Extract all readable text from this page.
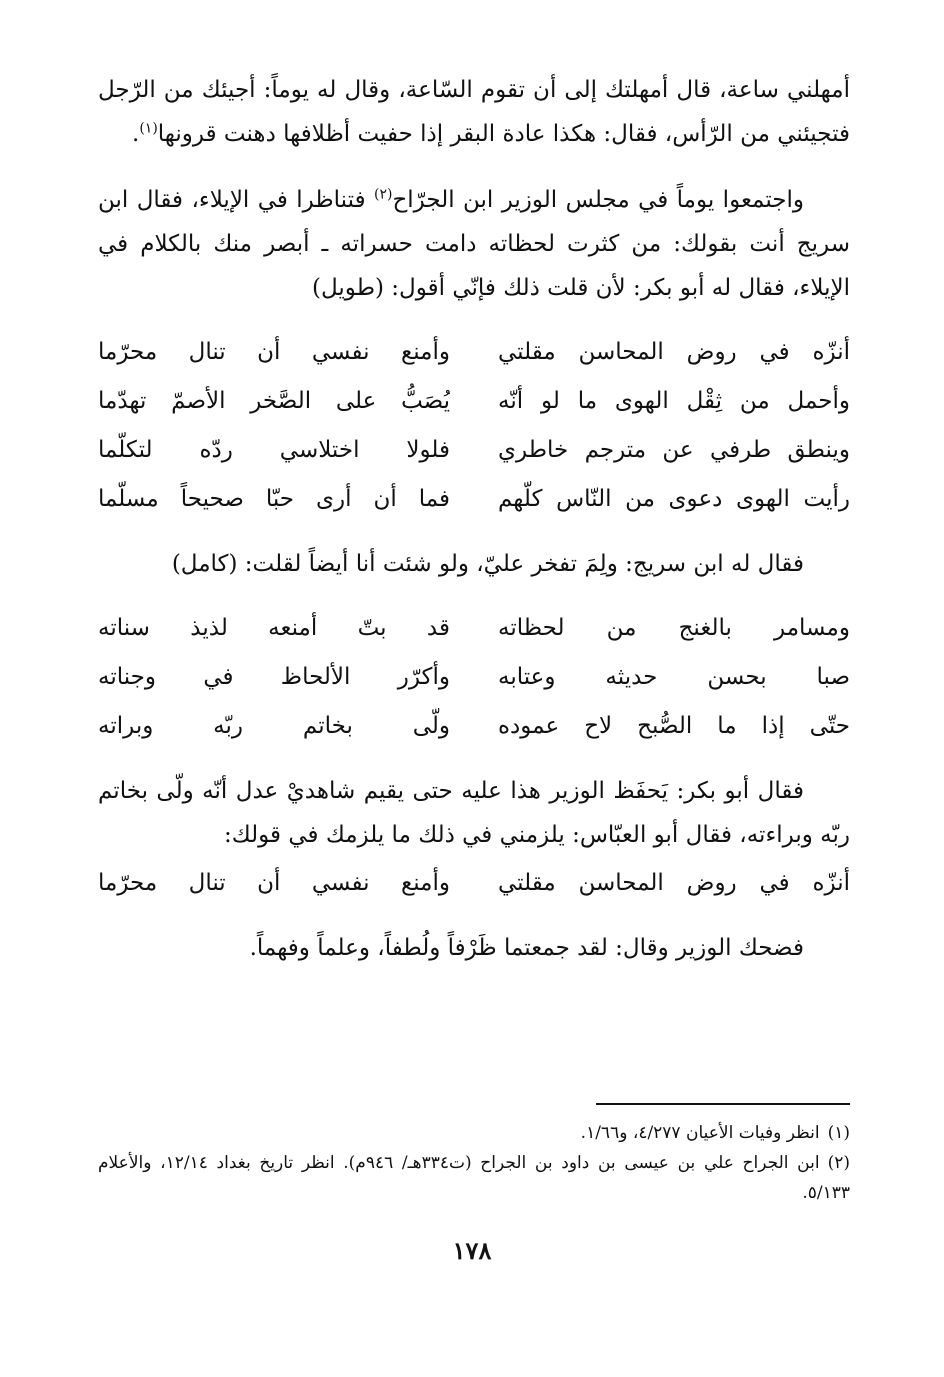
أمهلني ساعة، قال أمهلتك إلى أن تقوم السّاعة، وقال له يوماً: أجيئك من الرّجل فتجيئني من الرّأس، فقال: هكذا عادة البقر إذا حفيت أظلافها دهنت قرونها$^{(١)}$.

واجتمعوا يوماً في مجلس الوزير ابن الجرّاح$^{(٢)}$ فتناظرا في الإيلاء، فقال ابن سريج أنت بقولك: من كثرت لحظاته دامت حسراته ـ أبصر منك بالكلام في الإيلاء، فقال له أبو بكر: لأن قلت ذلك فإنّي أقول: (طويل)

أنزّه في روض المحاسن مقلتي
وأمنع نفسي أن تنال محرّما
وأحمل من ثِقْل الهوى ما لو أنّه
يُصَبُّ على الصَّخر الأصمّ تهدّما
وينطق طرفي عن مترجم خاطري
فلولا اختلاسي ردّه لتكلّما
رأيت الهوى دعوى من النّاس كلّهم
فما أن أرى حبّا صحيحاً مسلّما

فقال له ابن سريج: ولِمَ تفخر عليّ، ولو شئت أنا أيضاً لقلت: (كامل)

ومسامر بالغنج من لحظاته
قد بتّ أمنعه لذيذ سناته
صبا بحسن حديثه وعتابه
وأكرّر الألحاظ في وجناته
حتّى إذا ما الصُّبح لاح عموده
ولّى بخاتم ربّه وبراته

فقال أبو بكر: يَحفَظ الوزير هذا عليه حتى يقيم شاهديْ عدل أنّه ولّى بخاتم ربّه وبراءته، فقال أبو العبّاس: يلزمني في ذلك ما يلزمك في قولك:

أنزّه في روض المحاسن مقلتي
وأمنع نفسي أن تنال محرّما

فضحك الوزير وقال: لقد جمعتما ظَرْفاً ولُطفاً، وعلماً وفهماً.

(١)انظر وفيات الأعيان ٤/٢٧٧، و١/٦٦.

(٢)ابن الجراح علي بن عيسى بن داود بن الجراح (ت٣٣٤هـ/ ٩٤٦م). انظر تاريخ بغداد ١٢/١٤، والأعلام ٥/١٣٣.

١٧٨
